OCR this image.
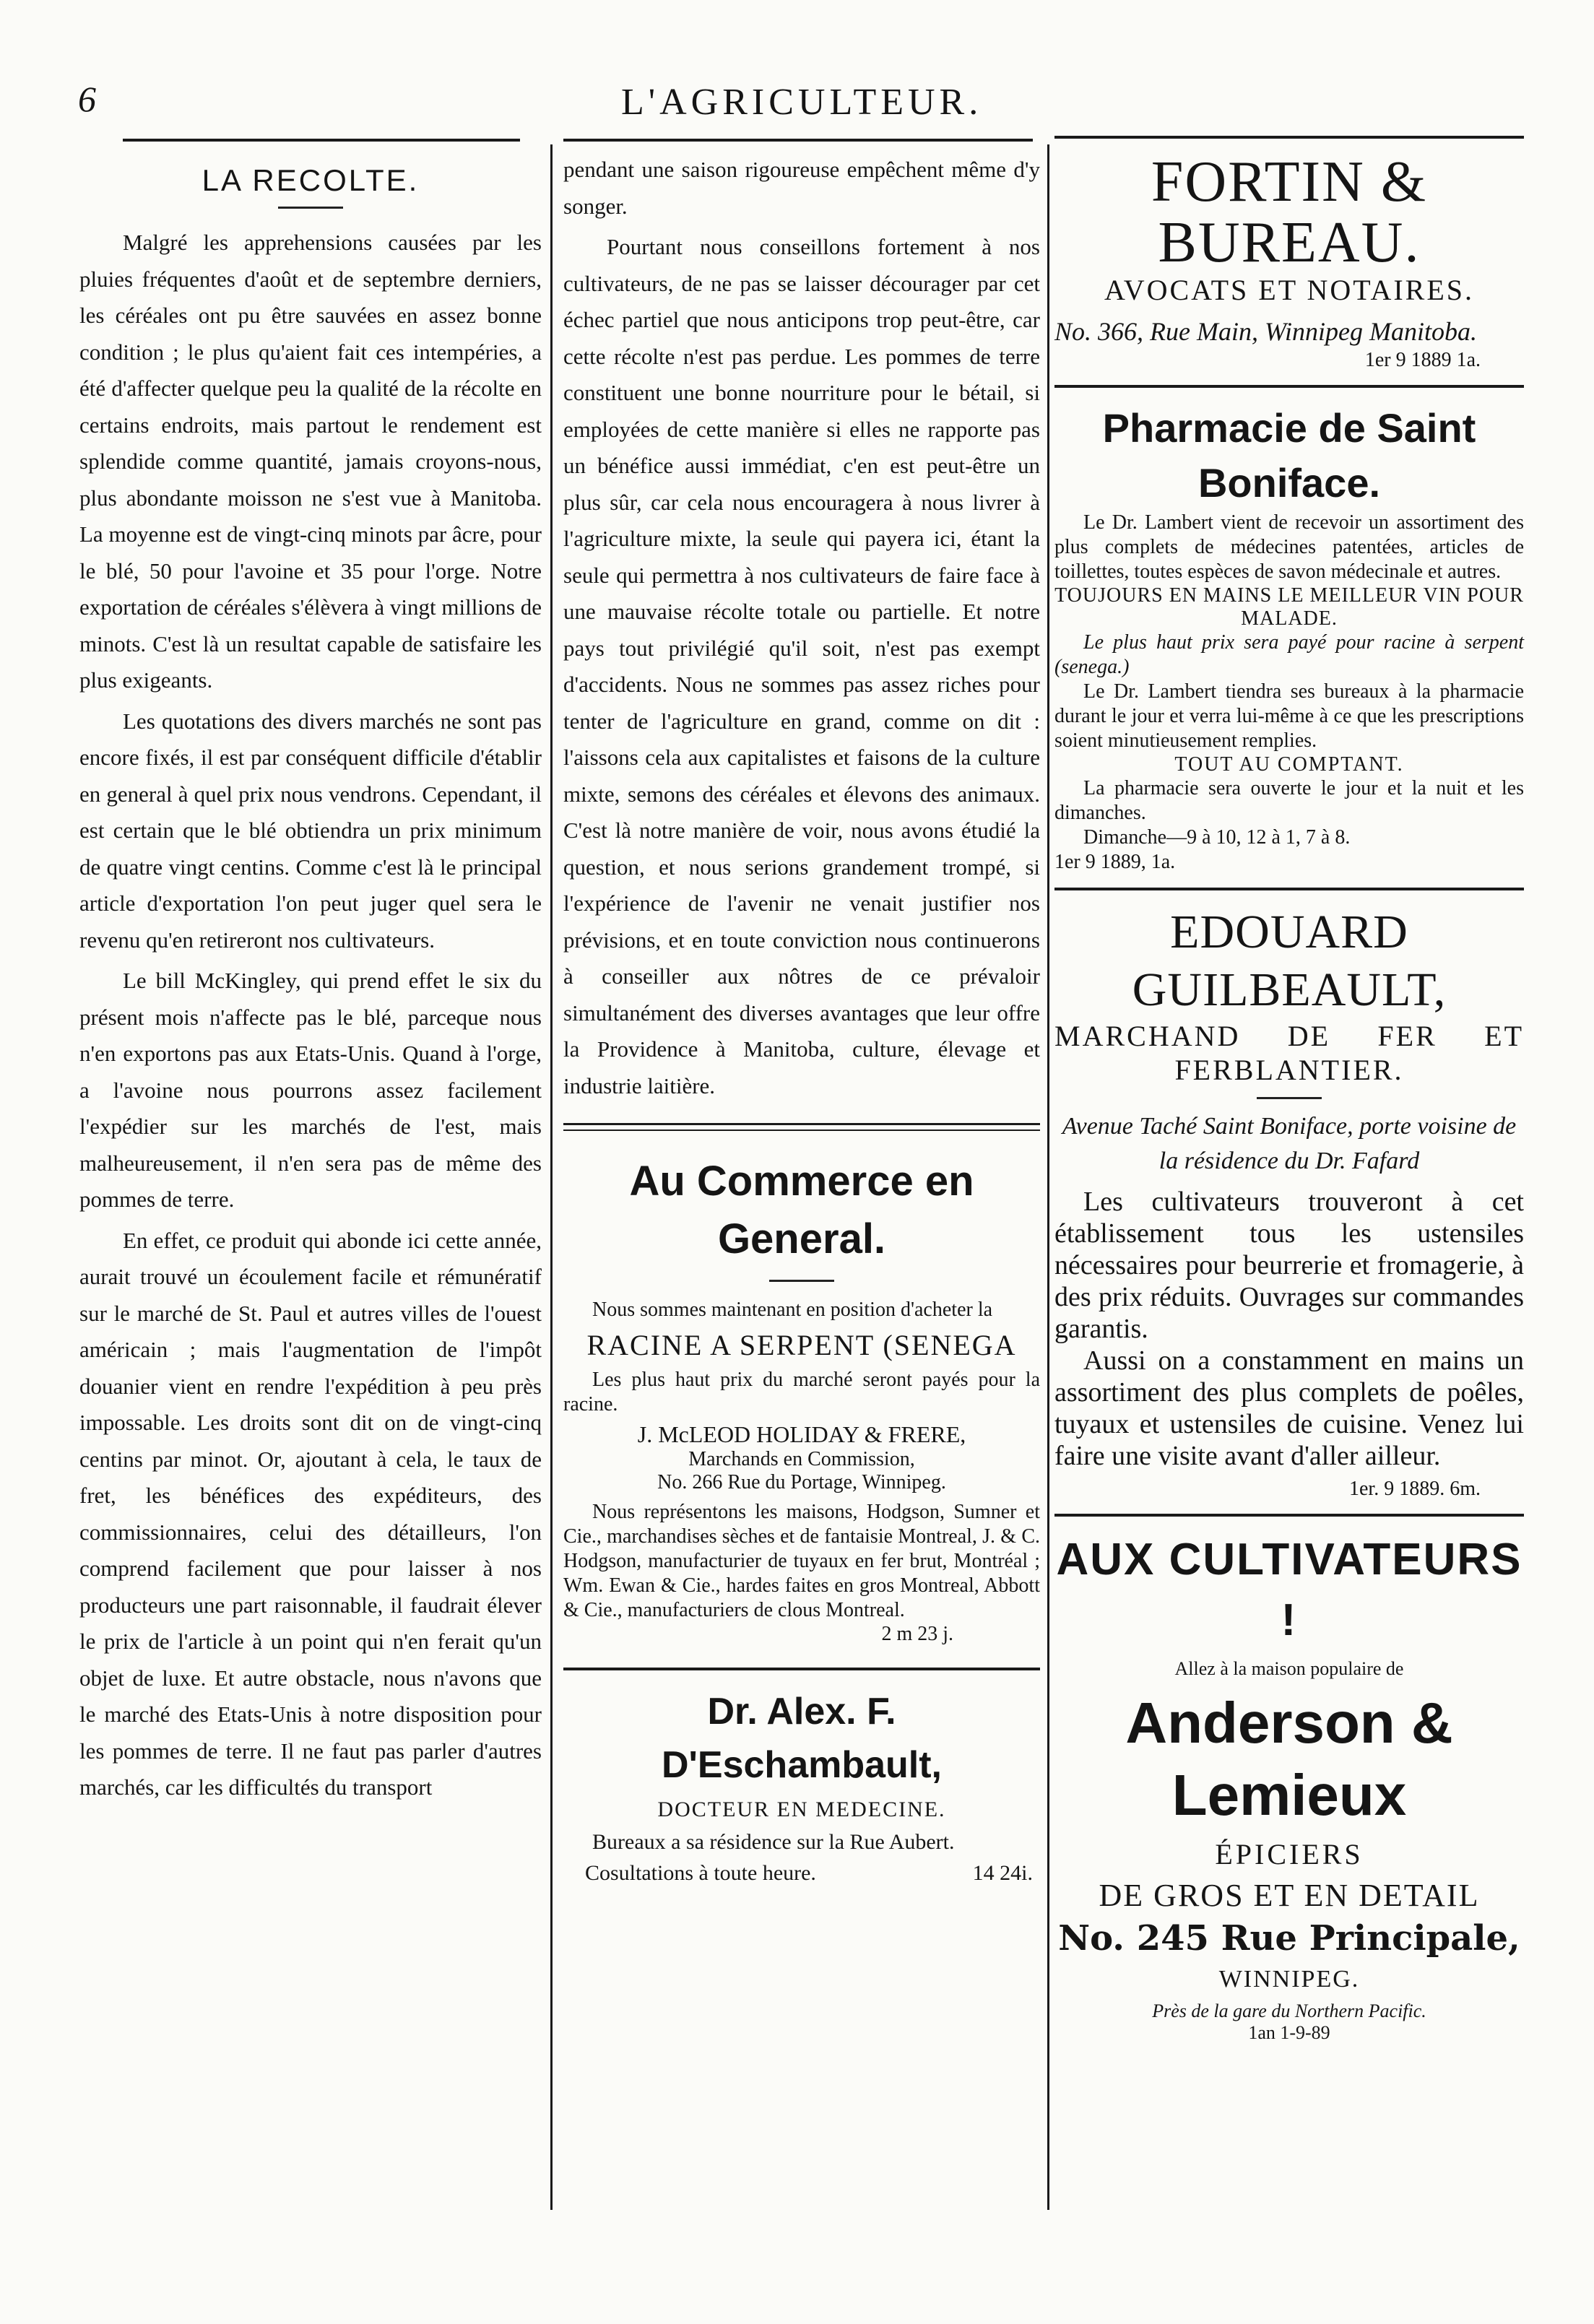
6	L'AGRICULTEUR.
LA RECOLTE.

Malgré les apprehensions causées par les pluies fréquentes d'août et de septembre derniers, les céréales ont pu être sauvées en assez bonne condition ; le plus qu'aient fait ces intempéries, a été d'affecter quelque peu la qualité de la récolte en certains endroits, mais partout le rendement est splendide comme quantité, jamais croyons-nous, plus abondante moisson ne s'est vue à Manitoba. La moyenne est de vingt-cinq minots par âcre, pour le blé, 50 pour l'avoine et 35 pour l'orge. Notre exportation de céréales s'élèvera à vingt millions de minots. C'est là un resultat capable de satisfaire les plus exigeants.

Les quotations des divers marchés ne sont pas encore fixés, il est par conséquent difficile d'établir en general à quel prix nous vendrons. Cependant, il est certain que le blé obtiendra un prix minimum de quatre vingt centins. Comme c'est là le principal article d'exportation l'on peut juger quel sera le revenu qu'en retireront nos cultivateurs.

Le bill McKingley, qui prend effet le six du présent mois n'affecte pas le blé, parceque nous n'en exportons pas aux Etats-Unis. Quand à l'orge, a l'avoine nous pourrons assez facilement l'expédier sur les marchés de l'est, mais malheureusement, il n'en sera pas de même des pommes de terre.

En effet, ce produit qui abonde ici cette année, aurait trouvé un écoulement facile et rémunératif sur le marché de St. Paul et autres villes de l'ouest américain ; mais l'augmentation de l'impôt douanier vient en rendre l'expédition à peu près impossable. Les droits sont dit on de vingt-cinq centins par minot. Or, ajoutant à cela, le taux de fret, les bénéfices des expéditeurs, des commissionnaires, celui des détailleurs, l'on comprend facilement que pour laisser à nos producteurs une part raisonnable, il faudrait élever le prix de l'article à un point qui n'en ferait qu'un objet de luxe. Et autre obstacle, nous n'avons que le marché des Etats-Unis à notre disposition pour les pommes de terre. Il ne faut pas parler d'autres marchés, car les difficultés du transport

pendant une saison rigoureuse empêchent même d'y songer.

Pourtant nous conseillons fortement à nos cultivateurs, de ne pas se laisser décourager par cet échec partiel que nous anticipons trop peut-être, car cette récolte n'est pas perdue. Les pommes de terre constituent une bonne nourriture pour le bétail, si employées de cette manière si elles ne rapporte pas un bénéfice aussi immédiat, c'en est peut-être un plus sûr, car cela nous encouragera à nous livrer à l'agriculture mixte, la seule qui payera ici, étant la seule qui permettra à nos cultivateurs de faire face à une mauvaise récolte totale ou partielle. Et notre pays tout privilégié qu'il soit, n'est pas exempt d'accidents. Nous ne sommes pas assez riches pour tenter de l'agriculture en grand, comme on dit : l'aissons cela aux capitalistes et faisons de la culture mixte, semons des céréales et élevons des animaux. C'est là notre manière de voir, nous avons étudié la question, et nous serions grandement trompé, si l'expérience de l'avenir ne venait justifier nos prévisions, et en toute conviction nous continuerons à conseiller aux nôtres de ce prévaloir simultanément des diverses avantages que leur offre la Providence à Manitoba, culture, élevage et industrie laitière.

Au Commerce en General.

Nous sommes maintenant en position d'acheter la

RACINE A SERPENT (SENEGA

Les plus haut prix du marché seront payés pour la racine.

J. McLEOD HOLIDAY & FRERE,
Marchands en Commission,
No. 266 Rue du Portage, Winnipeg.

Nous représentons les maisons, Hodgson, Sumner et Cie., marchandises sèches et de fantaisie Montreal, J. & C. Hodgson, manufacturier de tuyaux en fer brut, Montréal ; Wm. Ewan & Cie., hardes faites en gros Montreal, Abbott & Cie., manufacturiers de clous Montreal.

2 m 23 j.
Dr. Alex. F. D'Eschambault,
DOCTEUR EN MEDECINE.

Bureaux a sa résidence sur la Rue Aubert.

Cosultations à toute heure.	14 24i.
FORTIN & BUREAU.
AVOCATS ET NOTAIRES.
No. 366, Rue Main, Winnipeg Manitoba.
1er 9 1889 1a.
Pharmacie de Saint Boniface.

Le Dr. Lambert vient de recevoir un assortiment des plus complets de médecines patentées, articles de toillettes, toutes espèces de savon médecinale et autres.

TOUJOURS EN MAINS LE MEILLEUR VIN POUR MALADE.

Le plus haut prix sera payé pour racine à serpent (senega.)

Le Dr. Lambert tiendra ses bureaux à la pharmacie durant le jour et verra lui-même à ce que les prescriptions soient minutieusement remplies.

TOUT AU COMPTANT.

La pharmacie sera ouverte le jour et la nuit et les dimanches.

Dimanche—9 à 10, 12 à 1, 7 à 8.

1er 9 1889, 1a.

EDOUARD GUILBEAULT,
MARCHAND DE FER ET
FERBLANTIER.
Avenue Taché Saint Boniface, porte voisine de la résidence du Dr. Fafard

Les cultivateurs trouveront à cet établissement tous les ustensiles nécessaires pour beurrerie et fromagerie, à des prix réduits. Ouvrages sur commandes garantis.

Aussi on a constamment en mains un assortiment des plus complets de poêles, tuyaux et ustensiles de cuisine. Venez lui faire une visite avant d'aller ailleur.

1er. 9 1889. 6m.
AUX CULTIVATEURS !
Allez à la maison populaire de
Anderson & Lemieux
ÉPICIERS
DE GROS ET EN DETAIL
No. 245 Rue Principale,
WINNIPEG.
Près de la gare du Northern Pacific.
1an 1-9-89
